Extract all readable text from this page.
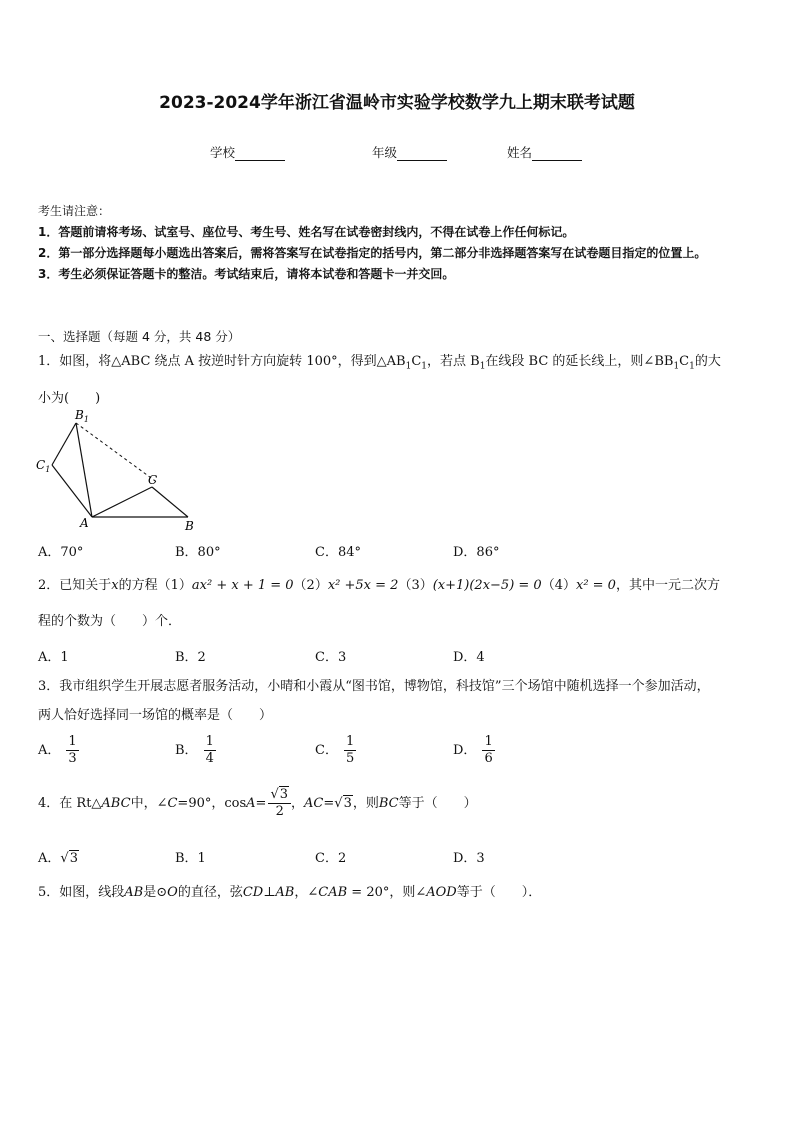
2023-2024学年浙江省温岭市实验学校数学九上期末联考试题
学校	年级	姓名
考生请注意：
1．答题前请将考场、试室号、座位号、考生号、姓名写在试卷密封线内，不得在试卷上作任何标记。
2．第一部分选择题每小题选出答案后，需将答案写在试卷指定的括号内，第二部分非选择题答案写在试卷题目指定的位置上。
3．考生必须保证答题卡的整洁。考试结束后，请将本试卷和答题卡一并交回。
一、选择题（每题 4 分，共 48 分）
1．如图，将△ABC 绕点 A 按逆时针方向旋转 100°，得到$\triangle AB_1C_1$，若点 $B_1$在线段 BC 的延长线上，则$\angle BB_1C_1$的大
小为(　　)
$B_1$
$C_1$
A	B
C
A．70°	B．80°	C．84°	D．86°
2．已知关于x的方程（1）ax² + x + 1 = 0（2）x² +5x = 2（3）(x+1)(2x−5) = 0（4）x² = 0，其中一元二次方
程的个数为（　　）个．
A．1	B．2	C．3	D．4
3．我市组织学生开展志愿者服务活动，小晴和小霞从“图书馆，博物馆，科技馆”三个场馆中随机选择一个参加活动，
两人恰好选择同一场馆的概率是（　　）
A． $\frac{1}{3}$	B． $\frac{1}{4}$	C． $\frac{1}{5}$	D． $\frac{1}{6}$
4．在 Rt△ABC中，∠C=90°，$\cos A= \frac{√3}{2}$ ，AC=√3，则BC等于（　　）
A．√3	B．1	C．2	D．3
5．如图，线段AB是⊙O的直径，弦CD⊥AB，∠CAB = 20°，则∠AOD等于（　　）．
